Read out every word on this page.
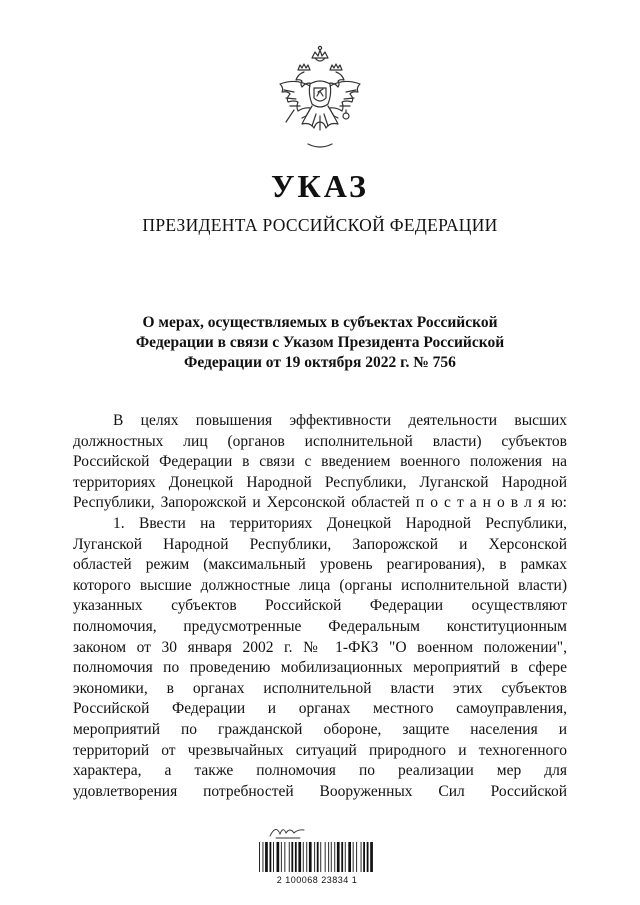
УКАЗ
ПРЕЗИДЕНТА РОССИЙСКОЙ ФЕДЕРАЦИИ
О мерах, осуществляемых в субъектах Российской
Федерации в связи с Указом Президента Российской
Федерации от 19 октября 2022 г. № 756
В целях повышения эффективности деятельности высших
должностных лиц (органов исполнительной власти) субъектов
Российской Федерации в связи с введением военного положения на
территориях Донецкой Народной Республики, Луганской Народной
Республики, Запорожской и Херсонской областей п о с т а н о в л я ю:
1. Ввести на территориях Донецкой Народной Республики,
Луганской Народной Республики, Запорожской и Херсонской
областей режим (максимальный уровень реагирования), в рамках
которого высшие должностные лица (органы исполнительной власти)
указанных субъектов Российской Федерации осуществляют
полномочия, предусмотренные Федеральным конституционным
законом от 30 января 2002 г. № 1-ФКЗ "О военном положении",
полномочия по проведению мобилизационных мероприятий в сфере
экономики, в органах исполнительной власти этих субъектов
Российской Федерации и органах местного самоуправления,
мероприятий по гражданской обороне, защите населения и
территорий от чрезвычайных ситуаций природного и техногенного
характера, а также полномочия по реализации мер для
удовлетворения потребностей Вооруженных Сил Российской
2 100068 23834 1
